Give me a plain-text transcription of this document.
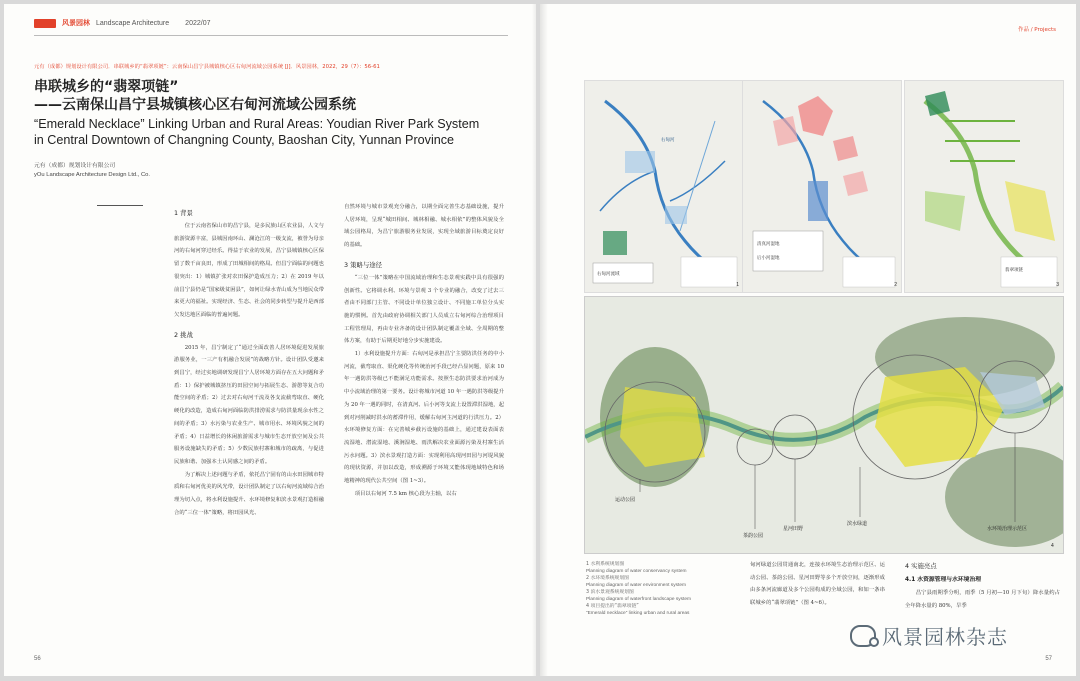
风景园林 Landscape Architecture 2022/07
元有（成都）规划设计有限公司．串联城乡的“翡翠项链”：云南保山昌宁县城镇核心区右甸河流域公园系统 [J]．风景园林，2022，29（7）：56-61
串联城乡的“翡翠项链”
——云南保山昌宁县城镇核心区右甸河流域公园系统
“Emerald Necklace” Linking Urban and Rural Areas: Youdian River Park System
in Central Downtown of Changning County, Baoshan City, Yunnan Province
元有（成都）规划设计有限公司
yOu Landscape Architecture Design Ltd., Co.
1 背景

位于云南省保山市的昌宁县，是多民族山区农业县，人文与旅游资源丰富，县城因南环山、澜沧江的一级支流，被誉为母亲河的右甸河穿过经乐。得益于农业的发展，昌宁县城镇核心区保留了数千亩良田，形成了田城相间的格局。但昌宁面临的问题也很突出：1）城镇扩张对农田保护造成压力；2）在 2019 年以前昌宁县仍是“国家级贫困县”，如何让绿水青山成为当地民众带来更大的福祉。实现经济、生态、社会的同步转型与提升是西部欠发达地区面临的普遍问题。

2 挑战

2015 年，昌宁制定了“通过全面改善人居环境促进发展旅游服务业，一三产有机融合发展”的战略方针。设计团队受邀来到昌宁，经过实地调研发现昌宁人居环境方面存在五大问题和矛盾：1）保护被城镇挤压的田园空间与拓展生态、游憩等复合功能空间的矛盾；2）过去对右甸河干流及各支流截弯取直、硬化硬化的改造，造成右甸河面临防洪排涝需求与防洪量现余水性之间的矛盾；3）水污染与农业生产、城市用水、环境风貌之间的矛盾；4）日益增长的休闲旅游需求与城市生态开放空间及公共服务设施缺失的矛盾；5）少数民族村寨和城市的疏离，与促进民族和谐、加强本土认同感之间的矛盾。

为了解决上述问题与矛盾，依托昌宁固有的山水田园城市特质和右甸河优美的风光带，设计团队制定了以右甸河流域综合治理为切入点，将水利设施提升、水环境修复和滨水景观打造相融合的“三位一体”策略，将田园风光、

自然环境与城市景观充分融合，以期全面完善生态基础设施，提升人居环境，呈现“城田相间、城林相融、城水相依”的整体风貌及全域公园格局，为昌宁旅游服务业发展，实现全域旅游目标奠定良好的基础。

3 策略与途径

“三位一体”策略在中国流域治理和生态景观实践中具有很强的创新性。它将调水利、环境与景观 3 个专业的融合，改变了过去三者由不同部门主管、不同设计单位独立设计、不同施工单位分头实施的惯例。首先由政府协调相关部门人员成立右甸河综合治理项目工程管理局，再由专业齐备的设计团队制定覆盖全域、全周期的整体方案，有助于后期更好地分步实施建设。

1）水利设施提升方面：右甸河是承担昌宁主要防洪任务的中小河流，截弯取直、渠化硬化等传统治河手段已经凸显问题，原来 10 年一遇防洪等级已不能满足功能需求。按照生态防洪要求治河成为中小流域治理的第一要务。设计将城市河道 10 年一遇防洪等级提升为 20 年一遇的同时，在清真河、后小河等支流上设置滞洪湿地，起到对河削减时洪水的蓄滞作用，缓解右甸河主河道的行洪压力。2）水环境修复方面：在完善城乡截污设施的基础上，通过建设表面表流湿地、潜流湿地、溪涧湿地、雨洪解决农业面源污染及村寨生活污水问题。3）滨水景观打造方面：实现利用高现河田园与河堤风貌的现状资源，并加以改造，形成溯源于环境又能体现地域特色和场地精神的现代公共空间（图 1~3）。

项目以右甸河 7.5 km 核心段为主轴，以右

56
作品 / Projects
右甸河流域
右甸河
1
清真河湿地
后小河湿地
2
翡翠项链
3
运动公园
茶韵公园
星河田野
滨水绿道
水环境治理示范区
4
1 水利系统规划图
Planning diagram of water conservancy system
2 水环境系统规划图
Planning diagram of water environment system
3 滨水景观系统规划图
Planning diagram of waterfront landscape system
4 项目提出的“翡翠项链”
“Emerald necklace” linking urban and rural areas

甸河绿道公园贯通南北，连接水环境生态治理示范区、运动公园、茶韵公园、星河田野等多个开放空间，逐渐形成由多条河流廊道及多个公园构成的全域公园，和如一条串联城乡的“翡翠项链”（图 4~6）。

4 实施亮点
4.1 水资源管理与水环境治理

昌宁县雨期季分明，雨季（5 月初—10 月下旬）降水量约占全年降水量的 80%，旱季

风景园林杂志
57
